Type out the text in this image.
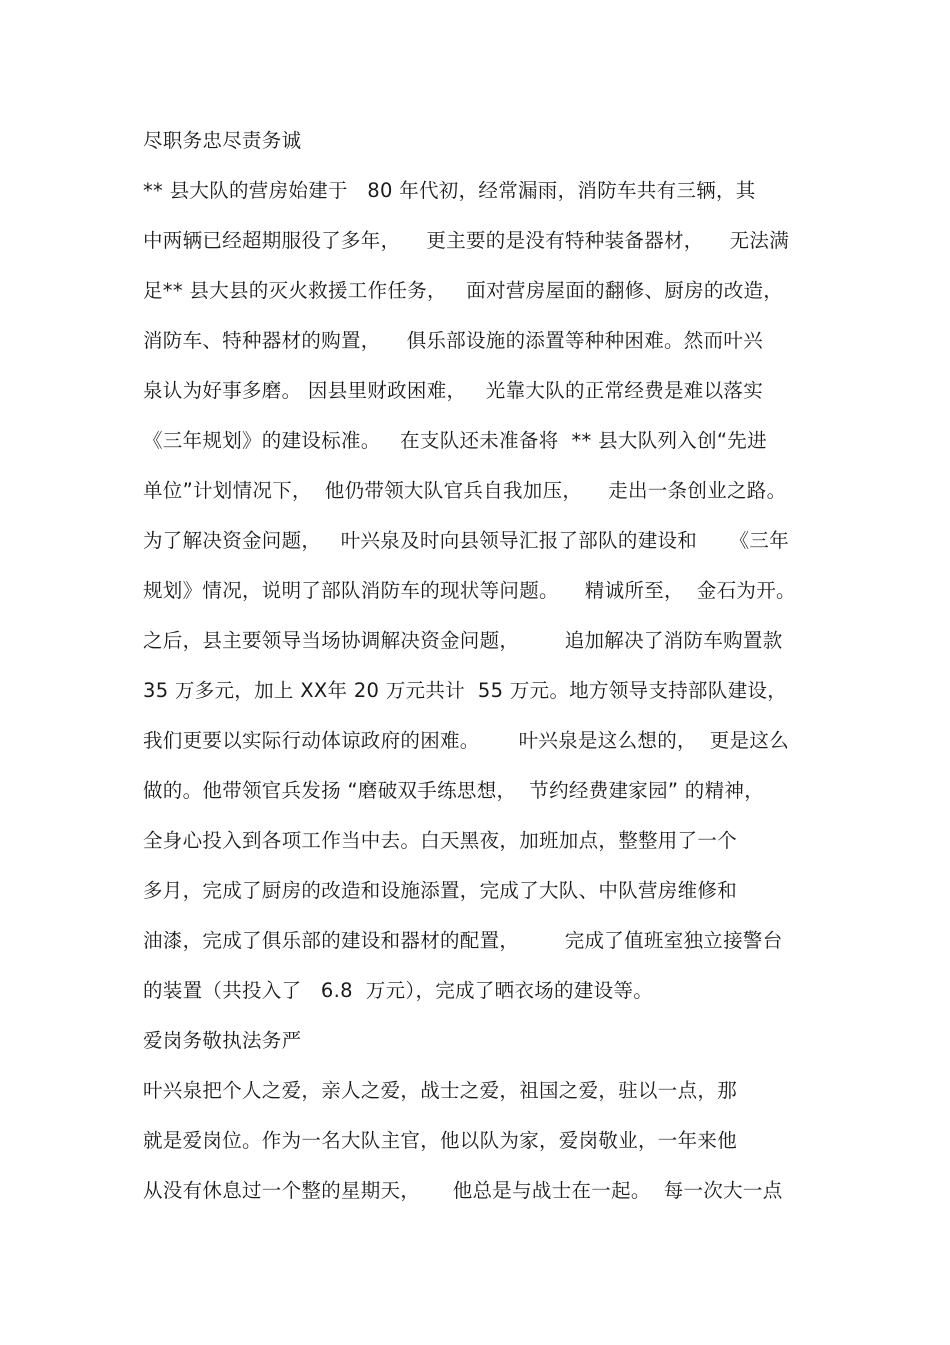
尽职务忠尽责务诚
** 县大队的营房始建于   80 年代初，经常漏雨，消防车共有三辆，其
中两辆已经超期服役了多年，    更主要的是没有特种装备器材，    无法满
足** 县大县的灭火救援工作任务，   面对营房屋面的翻修、厨房的改造，
消防车、特种器材的购置，    俱乐部设施的添置等种种困难。然而叶兴
泉认为好事多磨。 因县里财政困难，   光靠大队的正常经费是难以落实
《三年规划》的建设标准。   在支队还未准备将  ** 县大队列入创“先进
单位”计划情况下，  他仍带领大队官兵自我加压，    走出一条创业之路。
为了解决资金问题，   叶兴泉及时向县领导汇报了部队的建设和     《三年
规划》情况，说明了部队消防车的现状等问题。    精诚所至，  金石为开。
之后，县主要领导当场协调解决资金问题，       追加解决了消防车购置款
35 万多元，加上 XX年 20 万元共计  55 万元。地方领导支持部队建设，
我们更要以实际行动体谅政府的困难。      叶兴泉是这么想的，  更是这么
做的。他带领官兵发扬 “磨破双手练思想，  节约经费建家园” 的精神，
全身心投入到各项工作当中去。白天黑夜，加班加点，整整用了一个
多月，完成了厨房的改造和设施添置，完成了大队、中队营房维修和
油漆，完成了俱乐部的建设和器材的配置，       完成了值班室独立接警台
的装置（共投入了   6.8  万元），完成了晒衣场的建设等。
爱岗务敬执法务严
叶兴泉把个人之爱，亲人之爱，战士之爱，祖国之爱，驻以一点，那
就是爱岗位。作为一名大队主官，他以队为家，爱岗敬业，一年来他
从没有休息过一个整的星期天，     他总是与战士在一起。  每一次大一点
